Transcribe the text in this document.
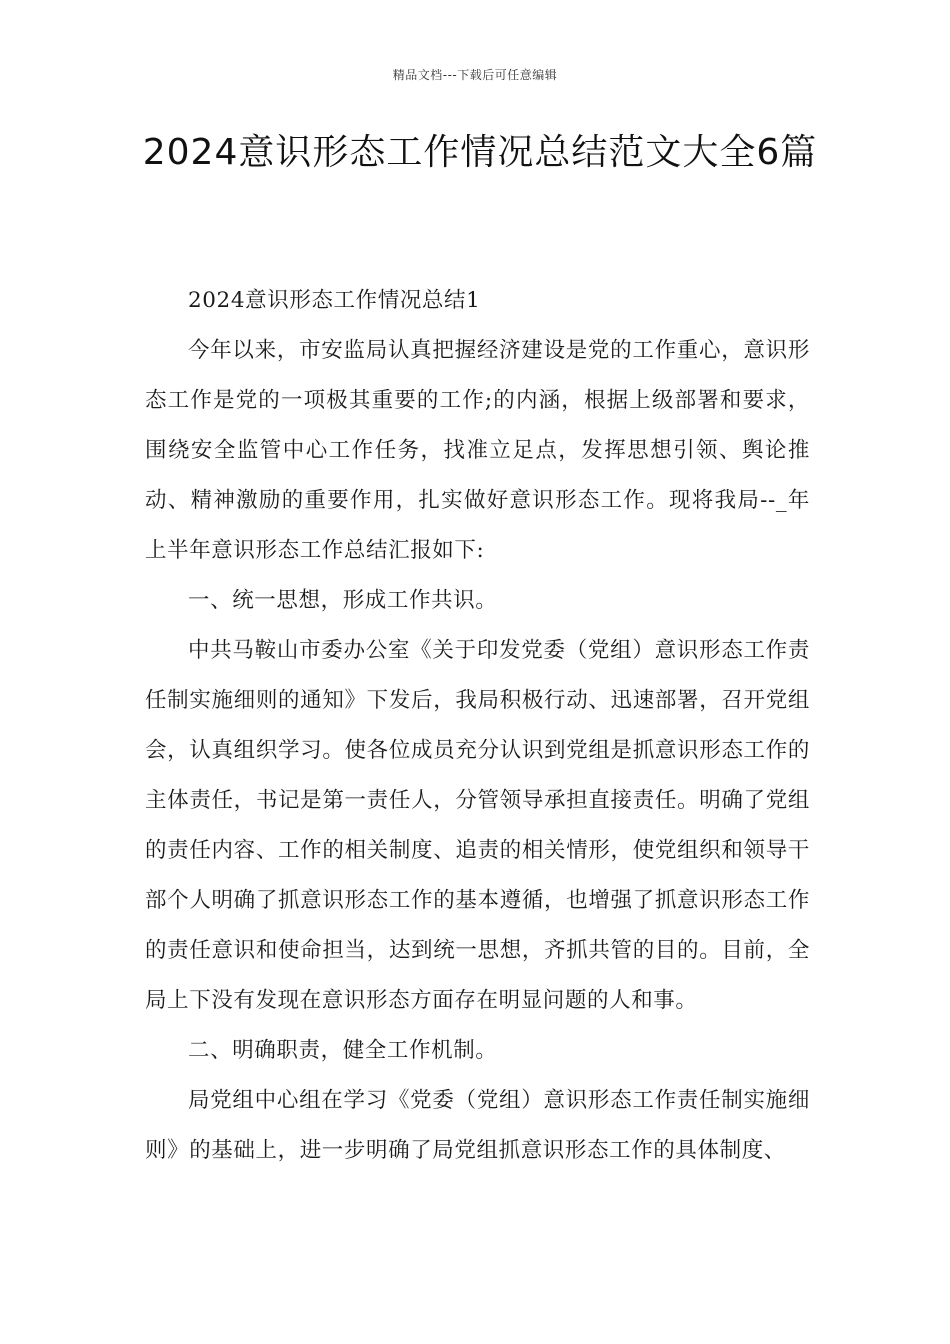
精品文档---下载后可任意编辑
2024意识形态工作情况总结范文大全6篇

2024意识形态工作情况总结1

今年以来，市安监局认真把握经济建设是党的工作重心，意识形态工作是党的一项极其重要的工作;的内涵，根据上级部署和要求，围绕安全监管中心工作任务，找准立足点，发挥思想引领、舆论推动、精神激励的重要作用，扎实做好意识形态工作。现将我局--_年上半年意识形态工作总结汇报如下:

一、统一思想，形成工作共识。

中共马鞍山市委办公室《关于印发党委（党组）意识形态工作责任制实施细则的通知》下发后，我局积极行动、迅速部署，召开党组会，认真组织学习。使各位成员充分认识到党组是抓意识形态工作的主体责任，书记是第一责任人，分管领导承担直接责任。明确了党组的责任内容、工作的相关制度、追责的相关情形，使党组织和领导干部个人明确了抓意识形态工作的基本遵循，也增强了抓意识形态工作的责任意识和使命担当，达到统一思想，齐抓共管的目的。目前，全局上下没有发现在意识形态方面存在明显问题的人和事。

二、明确职责，健全工作机制。

局党组中心组在学习《党委（党组）意识形态工作责任制实施细则》的基础上，进一步明确了局党组抓意识形态工作的具体制度、
